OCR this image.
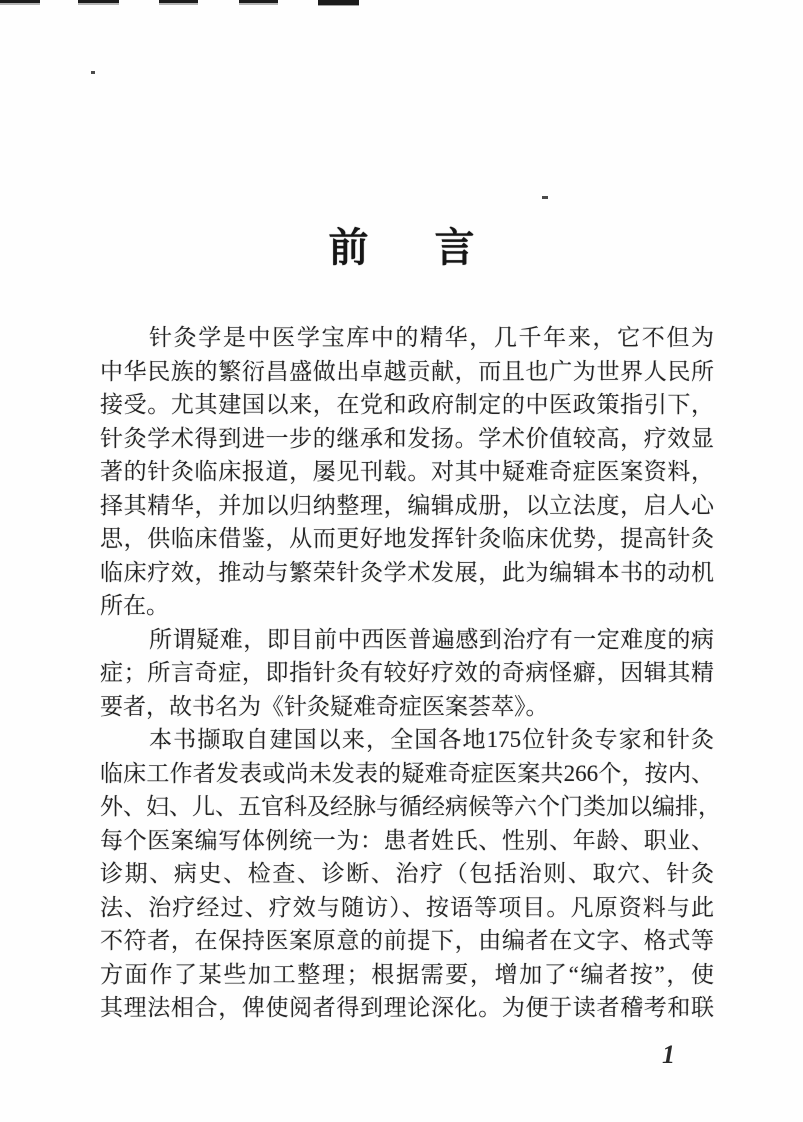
前 言
针灸学是中医学宝库中的精华，几千年来，它不但为
中华民族的繁衍昌盛做出卓越贡献，而且也广为世界人民所
接受。尤其建国以来，在党和政府制定的中医政策指引下，
针灸学术得到进一步的继承和发扬。学术价值较高，疗效显
著的针灸临床报道，屡见刊载。对其中疑难奇症医案资料，
择其精华，并加以归纳整理，编辑成册，以立法度，启人心
思，供临床借鉴，从而更好地发挥针灸临床优势，提高针灸
临床疗效，推动与繁荣针灸学术发展，此为编辑本书的动机
所在。
所谓疑难，即目前中西医普遍感到治疗有一定难度的病
症；所言奇症，即指针灸有较好疗效的奇病怪癖，因辑其精
要者，故书名为《针灸疑难奇症医案荟萃》。
本书撷取自建国以来，全国各地175位针灸专家和针灸
临床工作者发表或尚未发表的疑难奇症医案共266个，按内、
外、妇、儿、五官科及经脉与循经病候等六个门类加以编排，
每个医案编写体例统一为：患者姓氏、性别、年龄、职业、
诊期、病史、检查、诊断、治疗（包括治则、取穴、针灸
法、治疗经过、疗效与随访）、按语等项目。凡原资料与此
不符者，在保持医案原意的前提下，由编者在文字、格式等
方面作了某些加工整理；根据需要，增加了“编者按”，使
其理法相合，俾使阅者得到理论深化。为便于读者稽考和联
1
